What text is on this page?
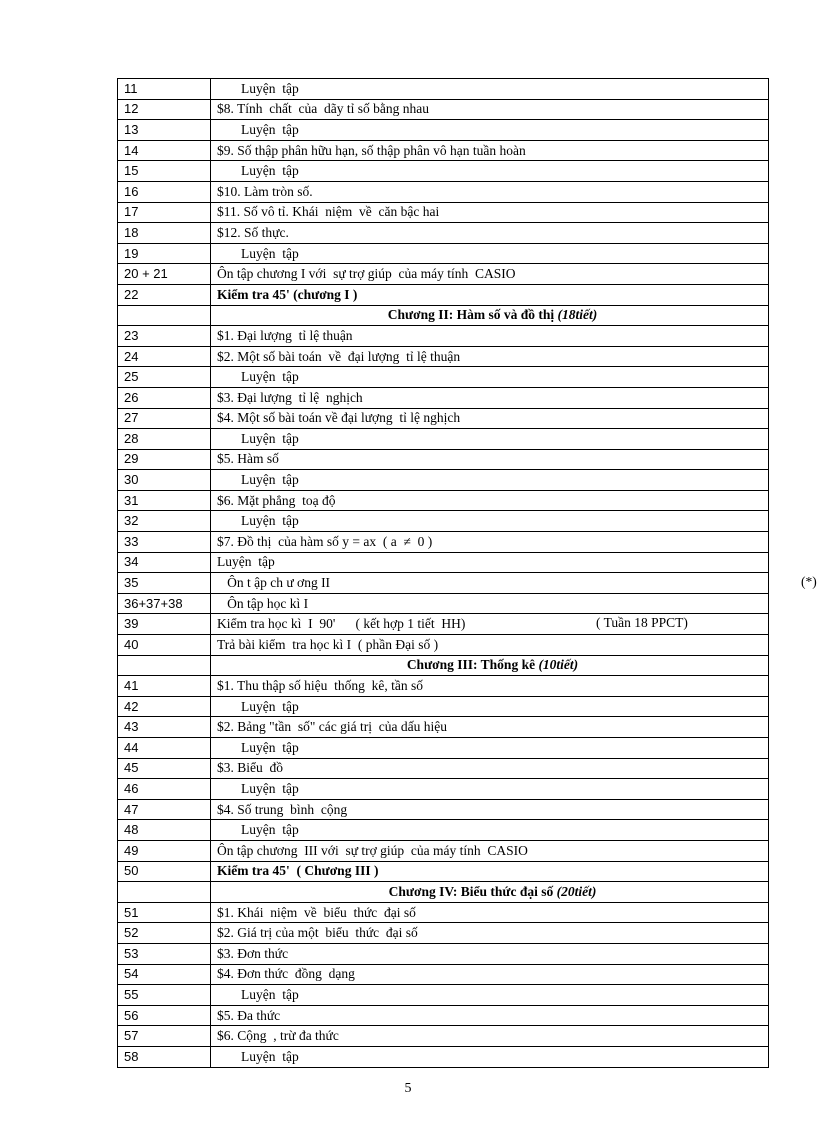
11	Luyện  tập
12	$8. Tính  chất  của  dãy tỉ số bằng nhau
13	Luyện  tập
14	$9. Số thập phân hữu hạn, số thập phân vô hạn tuần hoàn
15	Luyện  tập
16	$10. Làm tròn số.
17	$11. Số vô tỉ. Khái  niệm  về  căn bậc hai
18	$12. Số thực.
19	Luyện  tập
20 + 21	Ôn tập chương I với  sự trợ giúp  của máy tính  CASIO
22	Kiểm tra 45' (chương I )
	Chương II: Hàm số và đồ thị (18tiết)
23	$1. Đại lượng  tỉ lệ thuận
24	$2. Một số bài toán  về  đại lượng  tỉ lệ thuận
25	Luyện  tập
26	$3. Đại lượng  tỉ lệ  nghịch
27	$4. Một số bài toán về đại lượng  tỉ lệ nghịch
28	Luyện  tập
29	$5. Hàm số
30	Luyện  tập
31	$6. Mặt phẳng  toạ độ
32	Luyện  tập
33	$7. Đồ thị  của hàm số y = ax  ( a  ≠  0 )
34	Luyện  tập
35	Ôn t ập ch ư ơng II (*)

36+37+38	Ôn tập học kì I
39	Kiểm tra học kì  I  90'      ( kết hợp 1 tiết  HH) ( Tuần 18 PPCT)

40	Trả bài kiểm  tra học kì I  ( phần Đại số )
	Chương III: Thống kê (10tiết)
41	$1. Thu thập số hiệu  thống  kê, tần số
42	Luyện  tập
43	$2. Bảng "tần  số" các giá trị  của dấu hiệu
44	Luyện  tập
45	$3. Biểu  đồ
46	Luyện  tập
47	$4. Số trung  bình  cộng
48	Luyện  tập
49	Ôn tập chương  III với  sự trợ giúp  của máy tính  CASIO
50	Kiểm tra 45'  ( Chương III )
	Chương IV: Biểu thức đại số (20tiết)
51	$1. Khái  niệm  về  biểu  thức  đại số
52	$2. Giá trị của một  biểu  thức  đại số
53	$3. Đơn thức
54	$4. Đơn thức  đồng  dạng
55	Luyện  tập
56	$5. Đa thức
57	$6. Cộng  , trừ đa thức
58	Luyện  tập
5
